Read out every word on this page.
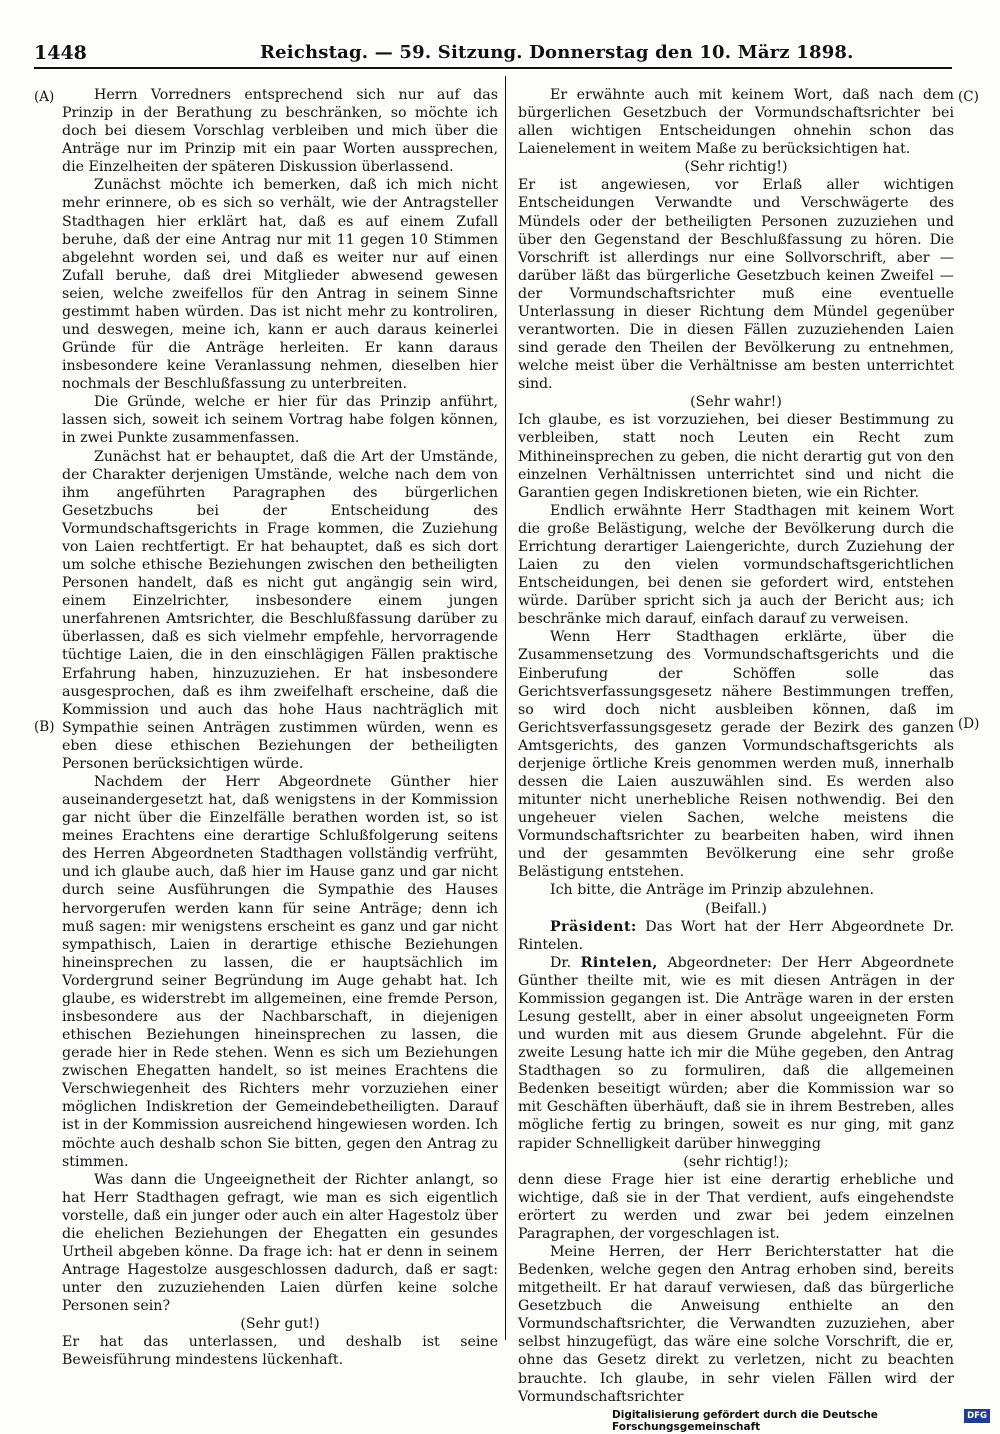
1448	Reichstag. — 59. Sitzung. Donnerstag den 10. März 1898.
(A)
(B)
(C)
(D)

Herrn Vorredners entsprechend sich nur auf das Prinzip in der Berathung zu beschränken, so möchte ich doch bei diesem Vorschlag verbleiben und mich über die Anträge nur im Prinzip mit ein paar Worten aussprechen, die Einzelheiten der späteren Diskussion überlassend.

Zunächst möchte ich bemerken, daß ich mich nicht mehr erinnere, ob es sich so verhält, wie der Antragsteller Stadthagen hier erklärt hat, daß es auf einem Zufall beruhe, daß der eine Antrag nur mit 11 gegen 10 Stimmen abgelehnt worden sei, und daß es weiter nur auf einen Zufall beruhe, daß drei Mitglieder abwesend gewesen seien, welche zweifellos für den Antrag in seinem Sinne gestimmt haben würden. Das ist nicht mehr zu kontroliren, und deswegen, meine ich, kann er auch daraus keinerlei Gründe für die Anträge herleiten. Er kann daraus insbesondere keine Veranlassung nehmen, dieselben hier nochmals der Beschlußfassung zu unterbreiten.

Die Gründe, welche er hier für das Prinzip anführt, lassen sich, soweit ich seinem Vortrag habe folgen können, in zwei Punkte zusammenfassen.

Zunächst hat er behauptet, daß die Art der Umstände, der Charakter derjenigen Umstände, welche nach dem von ihm angeführten Paragraphen des bürgerlichen Gesetzbuchs bei der Entscheidung des Vormundschaftsgerichts in Frage kommen, die Zuziehung von Laien rechtfertigt. Er hat behauptet, daß es sich dort um solche ethische Beziehungen zwischen den betheiligten Personen handelt, daß es nicht gut angängig sein wird, einem Einzelrichter, insbesondere einem jungen unerfahrenen Amtsrichter, die Beschlußfassung darüber zu überlassen, daß es sich vielmehr empfehle, hervorragende tüchtige Laien, die in den einschlägigen Fällen praktische Erfahrung haben, hinzuzuziehen. Er hat insbesondere ausgesprochen, daß es ihm zweifelhaft erscheine, daß die Kommission und auch das hohe Haus nachträglich mit Sympathie seinen Anträgen zustimmen würden, wenn es eben diese ethischen Beziehungen der betheiligten Personen berücksichtigen würde.

Nachdem der Herr Abgeordnete Günther hier auseinandergesetzt hat, daß wenigstens in der Kommission gar nicht über die Einzelfälle berathen worden ist, so ist meines Erachtens eine derartige Schlußfolgerung seitens des Herren Abgeordneten Stadthagen vollständig verfrüht, und ich glaube auch, daß hier im Hause ganz und gar nicht durch seine Ausführungen die Sympathie des Hauses hervorgerufen werden kann für seine Anträge; denn ich muß sagen: mir wenigstens erscheint es ganz und gar nicht sympathisch, Laien in derartige ethische Beziehungen hineinsprechen zu lassen, die er hauptsächlich im Vordergrund seiner Begründung im Auge gehabt hat. Ich glaube, es widerstrebt im allgemeinen, eine fremde Person, insbesondere aus der Nachbarschaft, in diejenigen ethischen Beziehungen hineinsprechen zu lassen, die gerade hier in Rede stehen. Wenn es sich um Beziehungen zwischen Ehegatten handelt, so ist meines Erachtens die Verschwiegenheit des Richters mehr vorzuziehen einer möglichen Indiskretion der Gemeindebetheiligten. Darauf ist in der Kommission ausreichend hingewiesen worden. Ich möchte auch deshalb schon Sie bitten, gegen den Antrag zu stimmen.

Was dann die Ungeeignetheit der Richter anlangt, so hat Herr Stadthagen gefragt, wie man es sich eigentlich vorstelle, daß ein junger oder auch ein alter Hagestolz über die ehelichen Beziehungen der Ehegatten ein gesundes Urtheil abgeben könne. Da frage ich: hat er denn in seinem Antrage Hagestolze ausgeschlossen dadurch, daß er sagt: unter den zuzuziehenden Laien dürfen keine solche Personen sein?

(Sehr gut!)

Er hat das unterlassen, und deshalb ist seine Beweisführung mindestens lückenhaft.

Er erwähnte auch mit keinem Wort, daß nach dem bürgerlichen Gesetzbuch der Vormundschaftsrichter bei allen wichtigen Entscheidungen ohnehin schon das Laienelement in weitem Maße zu berücksichtigen hat.

(Sehr richtig!)

Er ist angewiesen, vor Erlaß aller wichtigen Entscheidungen Verwandte und Verschwägerte des Mündels oder der betheiligten Personen zuzuziehen und über den Gegenstand der Beschlußfassung zu hören. Die Vorschrift ist allerdings nur eine Sollvorschrift, aber — darüber läßt das bürgerliche Gesetzbuch keinen Zweifel — der Vormundschaftsrichter muß eine eventuelle Unterlassung in dieser Richtung dem Mündel gegenüber verantworten. Die in diesen Fällen zuzuziehenden Laien sind gerade den Theilen der Bevölkerung zu entnehmen, welche meist über die Verhältnisse am besten unterrichtet sind.

(Sehr wahr!)

Ich glaube, es ist vorzuziehen, bei dieser Bestimmung zu verbleiben, statt noch Leuten ein Recht zum Mithineinsprechen zu geben, die nicht derartig gut von den einzelnen Verhältnissen unterrichtet sind und nicht die Garantien gegen Indiskretionen bieten, wie ein Richter.

Endlich erwähnte Herr Stadthagen mit keinem Wort die große Belästigung, welche der Bevölkerung durch die Errichtung derartiger Laiengerichte, durch Zuziehung der Laien zu den vielen vormundschaftsgerichtlichen Entscheidungen, bei denen sie gefordert wird, entstehen würde. Darüber spricht sich ja auch der Bericht aus; ich beschränke mich darauf, einfach darauf zu verweisen.

Wenn Herr Stadthagen erklärte, über die Zusammensetzung des Vormundschaftsgerichts und die Einberufung der Schöffen solle das Gerichtsverfassungsgesetz nähere Bestimmungen treffen, so wird doch nicht ausbleiben können, daß im Gerichtsverfassungsgesetz gerade der Bezirk des ganzen Amtsgerichts, des ganzen Vormundschaftsgerichts als derjenige örtliche Kreis genommen werden muß, innerhalb dessen die Laien auszuwählen sind. Es werden also mitunter nicht unerhebliche Reisen nothwendig. Bei den ungeheuer vielen Sachen, welche meistens die Vormundschaftsrichter zu bearbeiten haben, wird ihnen und der gesammten Bevölkerung eine sehr große Belästigung entstehen.

Ich bitte, die Anträge im Prinzip abzulehnen.

(Beifall.)

Präsident: Das Wort hat der Herr Abgeordnete Dr. Rintelen.

Dr. Rintelen, Abgeordneter: Der Herr Abgeordnete Günther theilte mit, wie es mit diesen Anträgen in der Kommission gegangen ist. Die Anträge waren in der ersten Lesung gestellt, aber in einer absolut ungeeigneten Form und wurden mit aus diesem Grunde abgelehnt. Für die zweite Lesung hatte ich mir die Mühe gegeben, den Antrag Stadthagen so zu formuliren, daß die allgemeinen Bedenken beseitigt würden; aber die Kommission war so mit Geschäften überhäuft, daß sie in ihrem Bestreben, alles mögliche fertig zu bringen, soweit es nur ging, mit ganz rapider Schnelligkeit darüber hinwegging

(sehr richtig!);

denn diese Frage hier ist eine derartig erhebliche und wichtige, daß sie in der That verdient, aufs eingehendste erörtert zu werden und zwar bei jedem einzelnen Paragraphen, der vorgeschlagen ist.

Meine Herren, der Herr Berichterstatter hat die Bedenken, welche gegen den Antrag erhoben sind, bereits mitgetheilt. Er hat darauf verwiesen, daß das bürgerliche Gesetzbuch die Anweisung enthielte an den Vormundschaftsrichter, die Verwandten zuzuziehen, aber selbst hinzugefügt, das wäre eine solche Vorschrift, die er, ohne das Gesetz direkt zu verletzen, nicht zu beachten brauchte. Ich glaube, in sehr vielen Fällen wird der Vormundschaftsrichter

Digitalisierung gefördert durch die Deutsche Forschungsgemeinschaft
DFG
